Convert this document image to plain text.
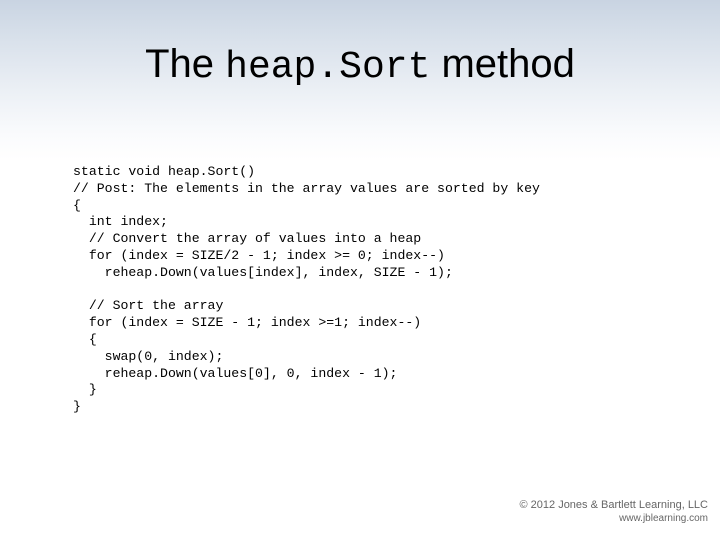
The heap.Sort method
static void heap.Sort()
// Post: The elements in the array values are sorted by key
{
int index;
// Convert the array of values into a heap
for (index = SIZE/2 - 1; index >= 0; index--)
reheap.Down(values[index], index, SIZE - 1);
// Sort the array
for (index = SIZE - 1; index >=1; index--)
{
swap(0, index);
reheap.Down(values[0], 0, index - 1);
}
}
© 2012 Jones & Bartlett Learning, LLC
www.jblearning.com
